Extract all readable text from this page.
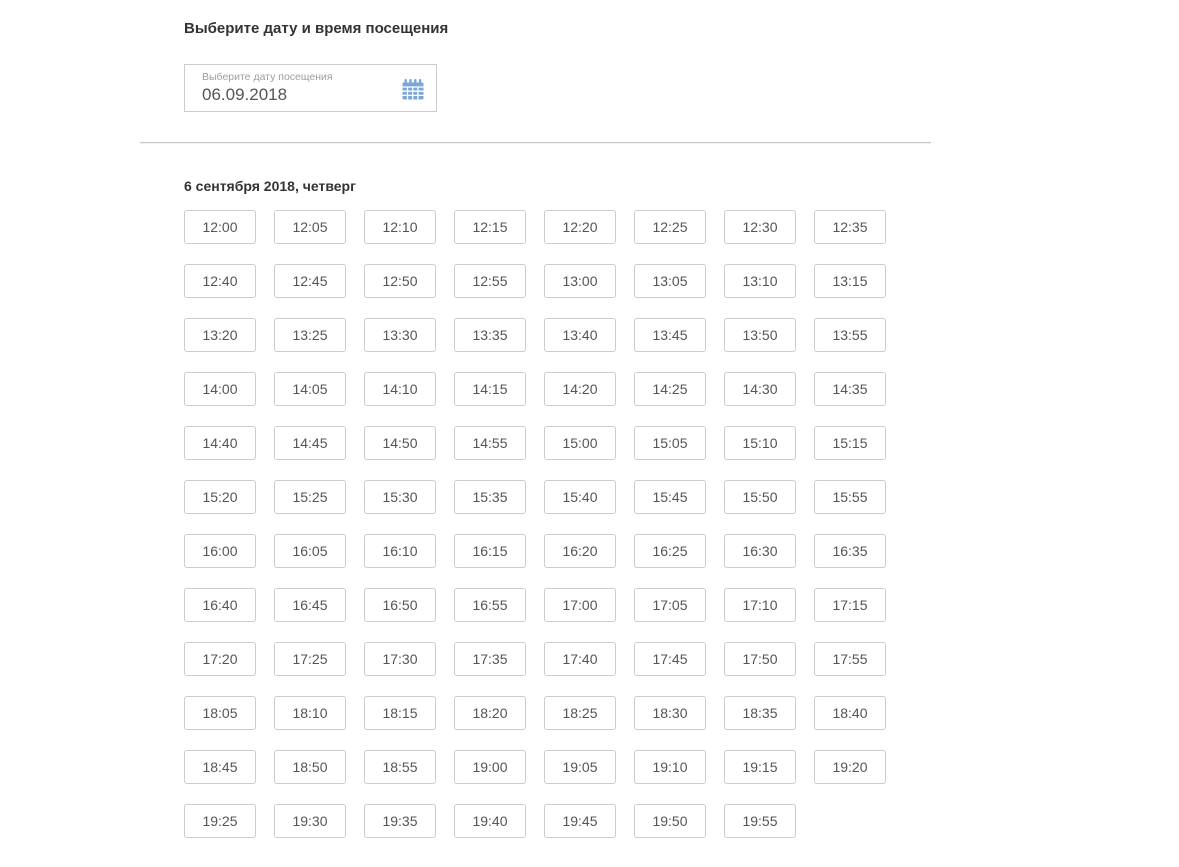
Выберите дату и время посещения
Выберите дату посещения
06.09.2018
6 сентября 2018, четверг
12:00	12:05	12:10	12:15	12:20	12:25	12:30	12:35
12:40	12:45	12:50	12:55	13:00	13:05	13:10	13:15
13:20	13:25	13:30	13:35	13:40	13:45	13:50	13:55
14:00	14:05	14:10	14:15	14:20	14:25	14:30	14:35
14:40	14:45	14:50	14:55	15:00	15:05	15:10	15:15
15:20	15:25	15:30	15:35	15:40	15:45	15:50	15:55
16:00	16:05	16:10	16:15	16:20	16:25	16:30	16:35
16:40	16:45	16:50	16:55	17:00	17:05	17:10	17:15
17:20	17:25	17:30	17:35	17:40	17:45	17:50	17:55
18:05	18:10	18:15	18:20	18:25	18:30	18:35	18:40
18:45	18:50	18:55	19:00	19:05	19:10	19:15	19:20
19:25	19:30	19:35	19:40	19:45	19:50	19:55
